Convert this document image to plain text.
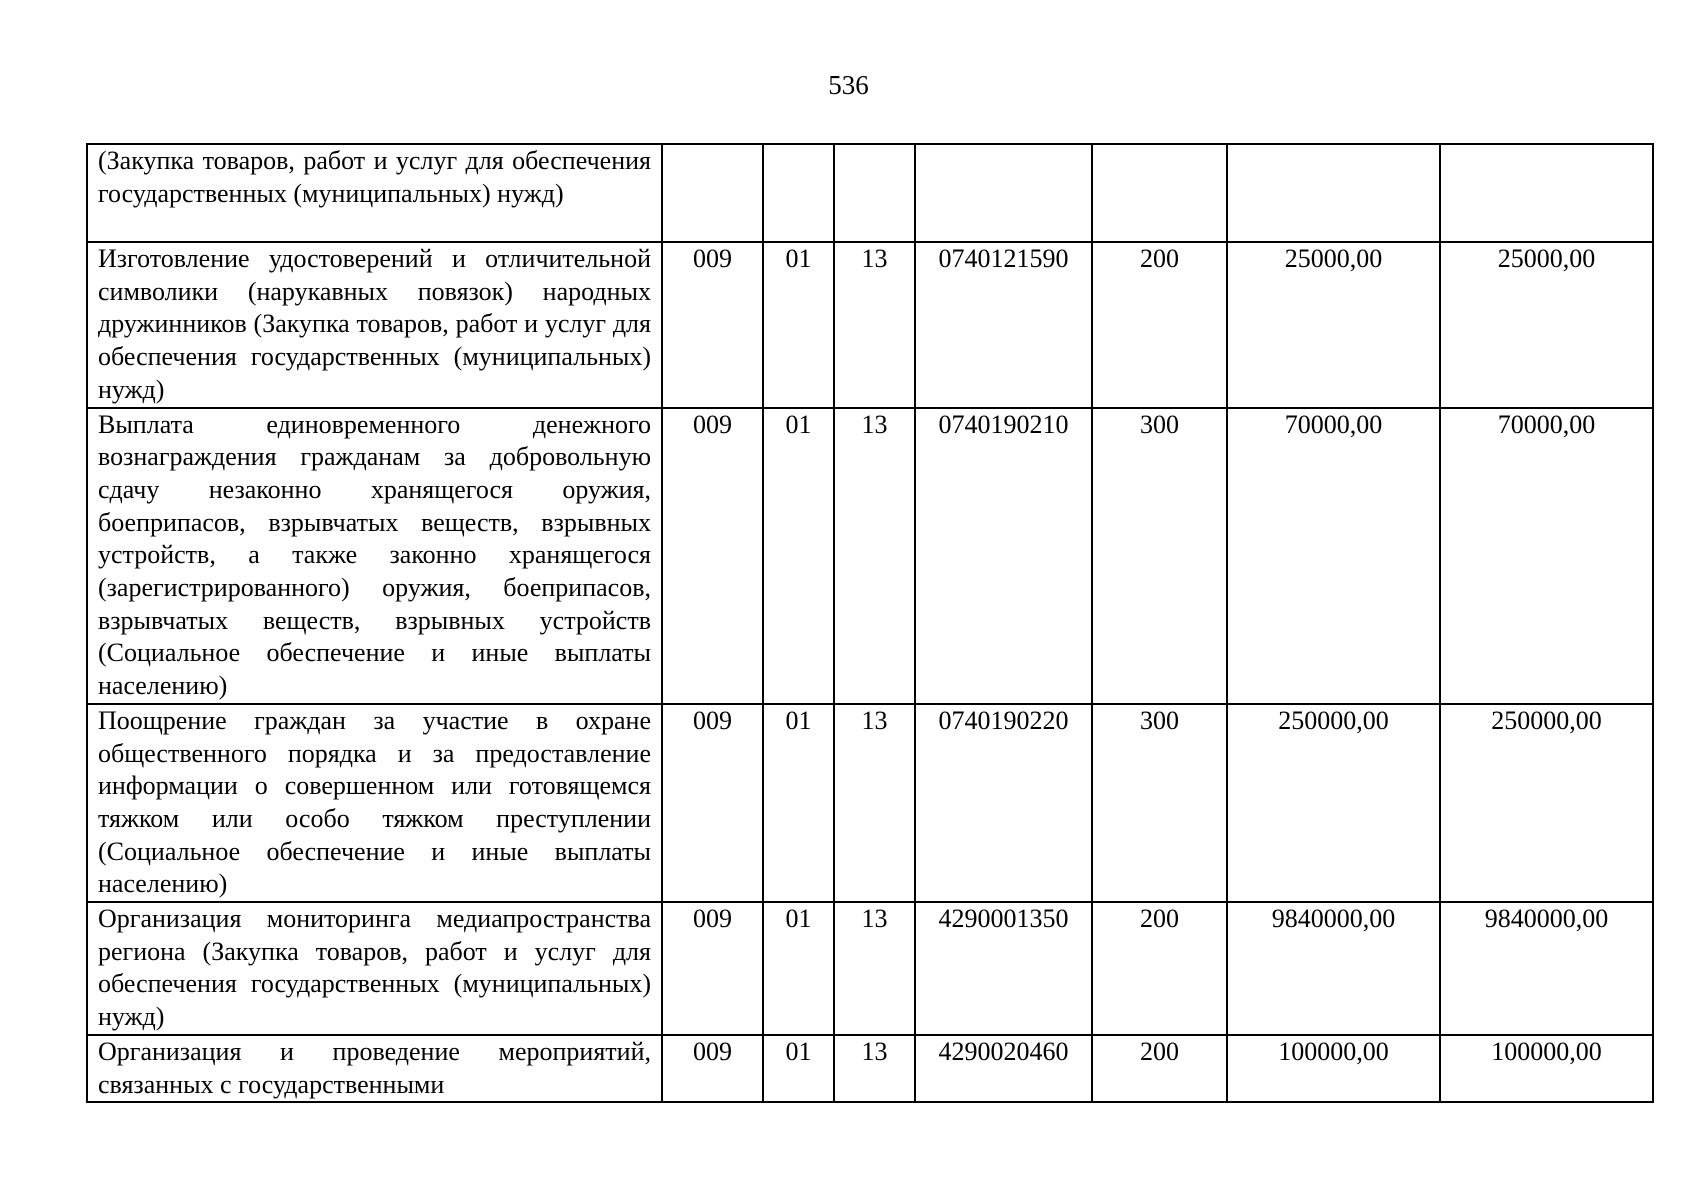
536
(Закупка товаров, работ и услуг для обеспечения государственных (муниципальных) нужд)							
Изготовление удостоверений и отличительной символики (нарукавных повязок) народных дружинников (Закупка товаров, работ и услуг для обеспечения государственных (муниципальных) нужд)	009	01	13	0740121590	200	25000,00	25000,00
Выплата единовременного денежного вознаграждения гражданам за добровольную сдачу незаконно хранящегося оружия, боеприпасов, взрывчатых веществ, взрывных устройств, а также законно хранящегося (зарегистрированного) оружия, боеприпасов, взрывчатых веществ, взрывных устройств (Социальное обеспечение и иные выплаты населению)	009	01	13	0740190210	300	70000,00	70000,00
Поощрение граждан за участие в охране общественного порядка и за предоставление информации о совершенном или готовящемся тяжком или особо тяжком преступлении (Социальное обеспечение и иные выплаты населению)	009	01	13	0740190220	300	250000,00	250000,00
Организация мониторинга медиапространства региона (Закупка товаров, работ и услуг для обеспечения государственных (муниципальных) нужд)	009	01	13	4290001350	200	9840000,00	9840000,00
Организация и проведение мероприятий, связанных с государственными	009	01	13	4290020460	200	100000,00	100000,00
